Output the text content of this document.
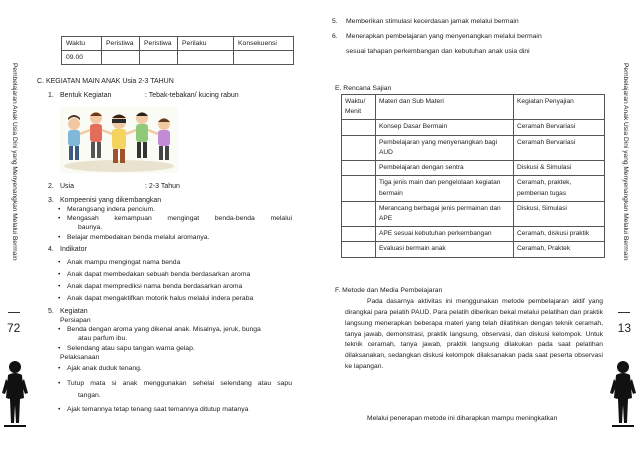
Pembelajaran Anak Usia Dini yang Menyenangkan Melalui Bermain
72
Waktu	Peristiwa	Peristiwa	Perilaku	Konsekuensi
09.00				
C. KEGIATAN MAIN ANAK Usia 2-3 TAHUN
1. Bentuk Kegiatan	: Tebak-tebakan/ kucing rabun
2. Usia	: 2-3 Tahun
3. Kompeenisi yang dikembangkan
• Merangsang indera pencium.
• Mengasah kemampuan mengingat benda-benda melalui
baunya.
• Belajar membedakan benda melalui aromanya.
4. Indikator
• Anak mampu mengingat nama benda
• Anak dapat membedakan sebuah benda berdasarkan aroma
• Anak dapat memprediksi nama benda berdasarkan aroma
• Anak dapat mengaktifkan motorik halus melalui indera peraba
5. Kegiatan
Persiapan
• Benda dengan aroma yang dikenal anak. Misalnya, jeruk, bunga
atau parfum ibu.
• Selendang atau sapu tangan warna gelap.
Pelaksanaan
• Ajak anak duduk tenang.
• Tutup mata si anak menggunakan sehelai selendang atau sapu
tangan.
• Ajak temannya tetap tenang saat temannya ditutup matanya
Pembelajaran Anak Usia Dini yang Menyenangkan Melalui Bermain
13
5. Memberikan stimulasi kecerdasan jamak melalui bermain
6. Menerapkan pembelajaran yang menyenangkan melalui bermain
sesuai tahapan perkembangan dan kebutuhan anak usia dini
E. Rencana Sajian
Waktu/ Menit	Materi dan Sub Materi	Kegiatan Penyajian
	Konsep Dasar Bermain	Ceramah Bervariasi
	Pembelajaran yang menyenangkan bagi AUD	Ceramah Bervariasi
	Pembelajaran dengan sentra	Diskusi & Simulasi
	Tiga jenis main dan pengelolaan kegiatan bermain	Ceramah, praktek, pemberian tugas
	Merancang berbagai jenis permainan dan APE	Diskusi, Simulasi
	APE sesuai kebutuhan perkembangan	Ceramah, diskusi praktik
	Evaluasi bermain anak	Ceramah, Praktek
F. Metode dan Media Pembelajaran
Pada dasarnya aktivitas ini menggunakan metode pembelajaran aktif yang dirangkai para pelatih PAUD. Para pelatih diberikan bekal melalui pelatihan dan praktik langsung menerapkan beberapa materi yang telah dilatihkan dengan teknik ceramah, tanya jawab, demonstrasi, praktik langsung, observasi, dan diskusi kelompok. Untuk teknik ceramah, tanya jawab, praktik langsung dilakukan pada saat pelatihan dilaksanakan, sedangkan diskusi kelompok dilaksanakan pada saat peserta observasi ke lapangan.
Melalui penerapan metode ini diharapkan mampu meningkatkan
